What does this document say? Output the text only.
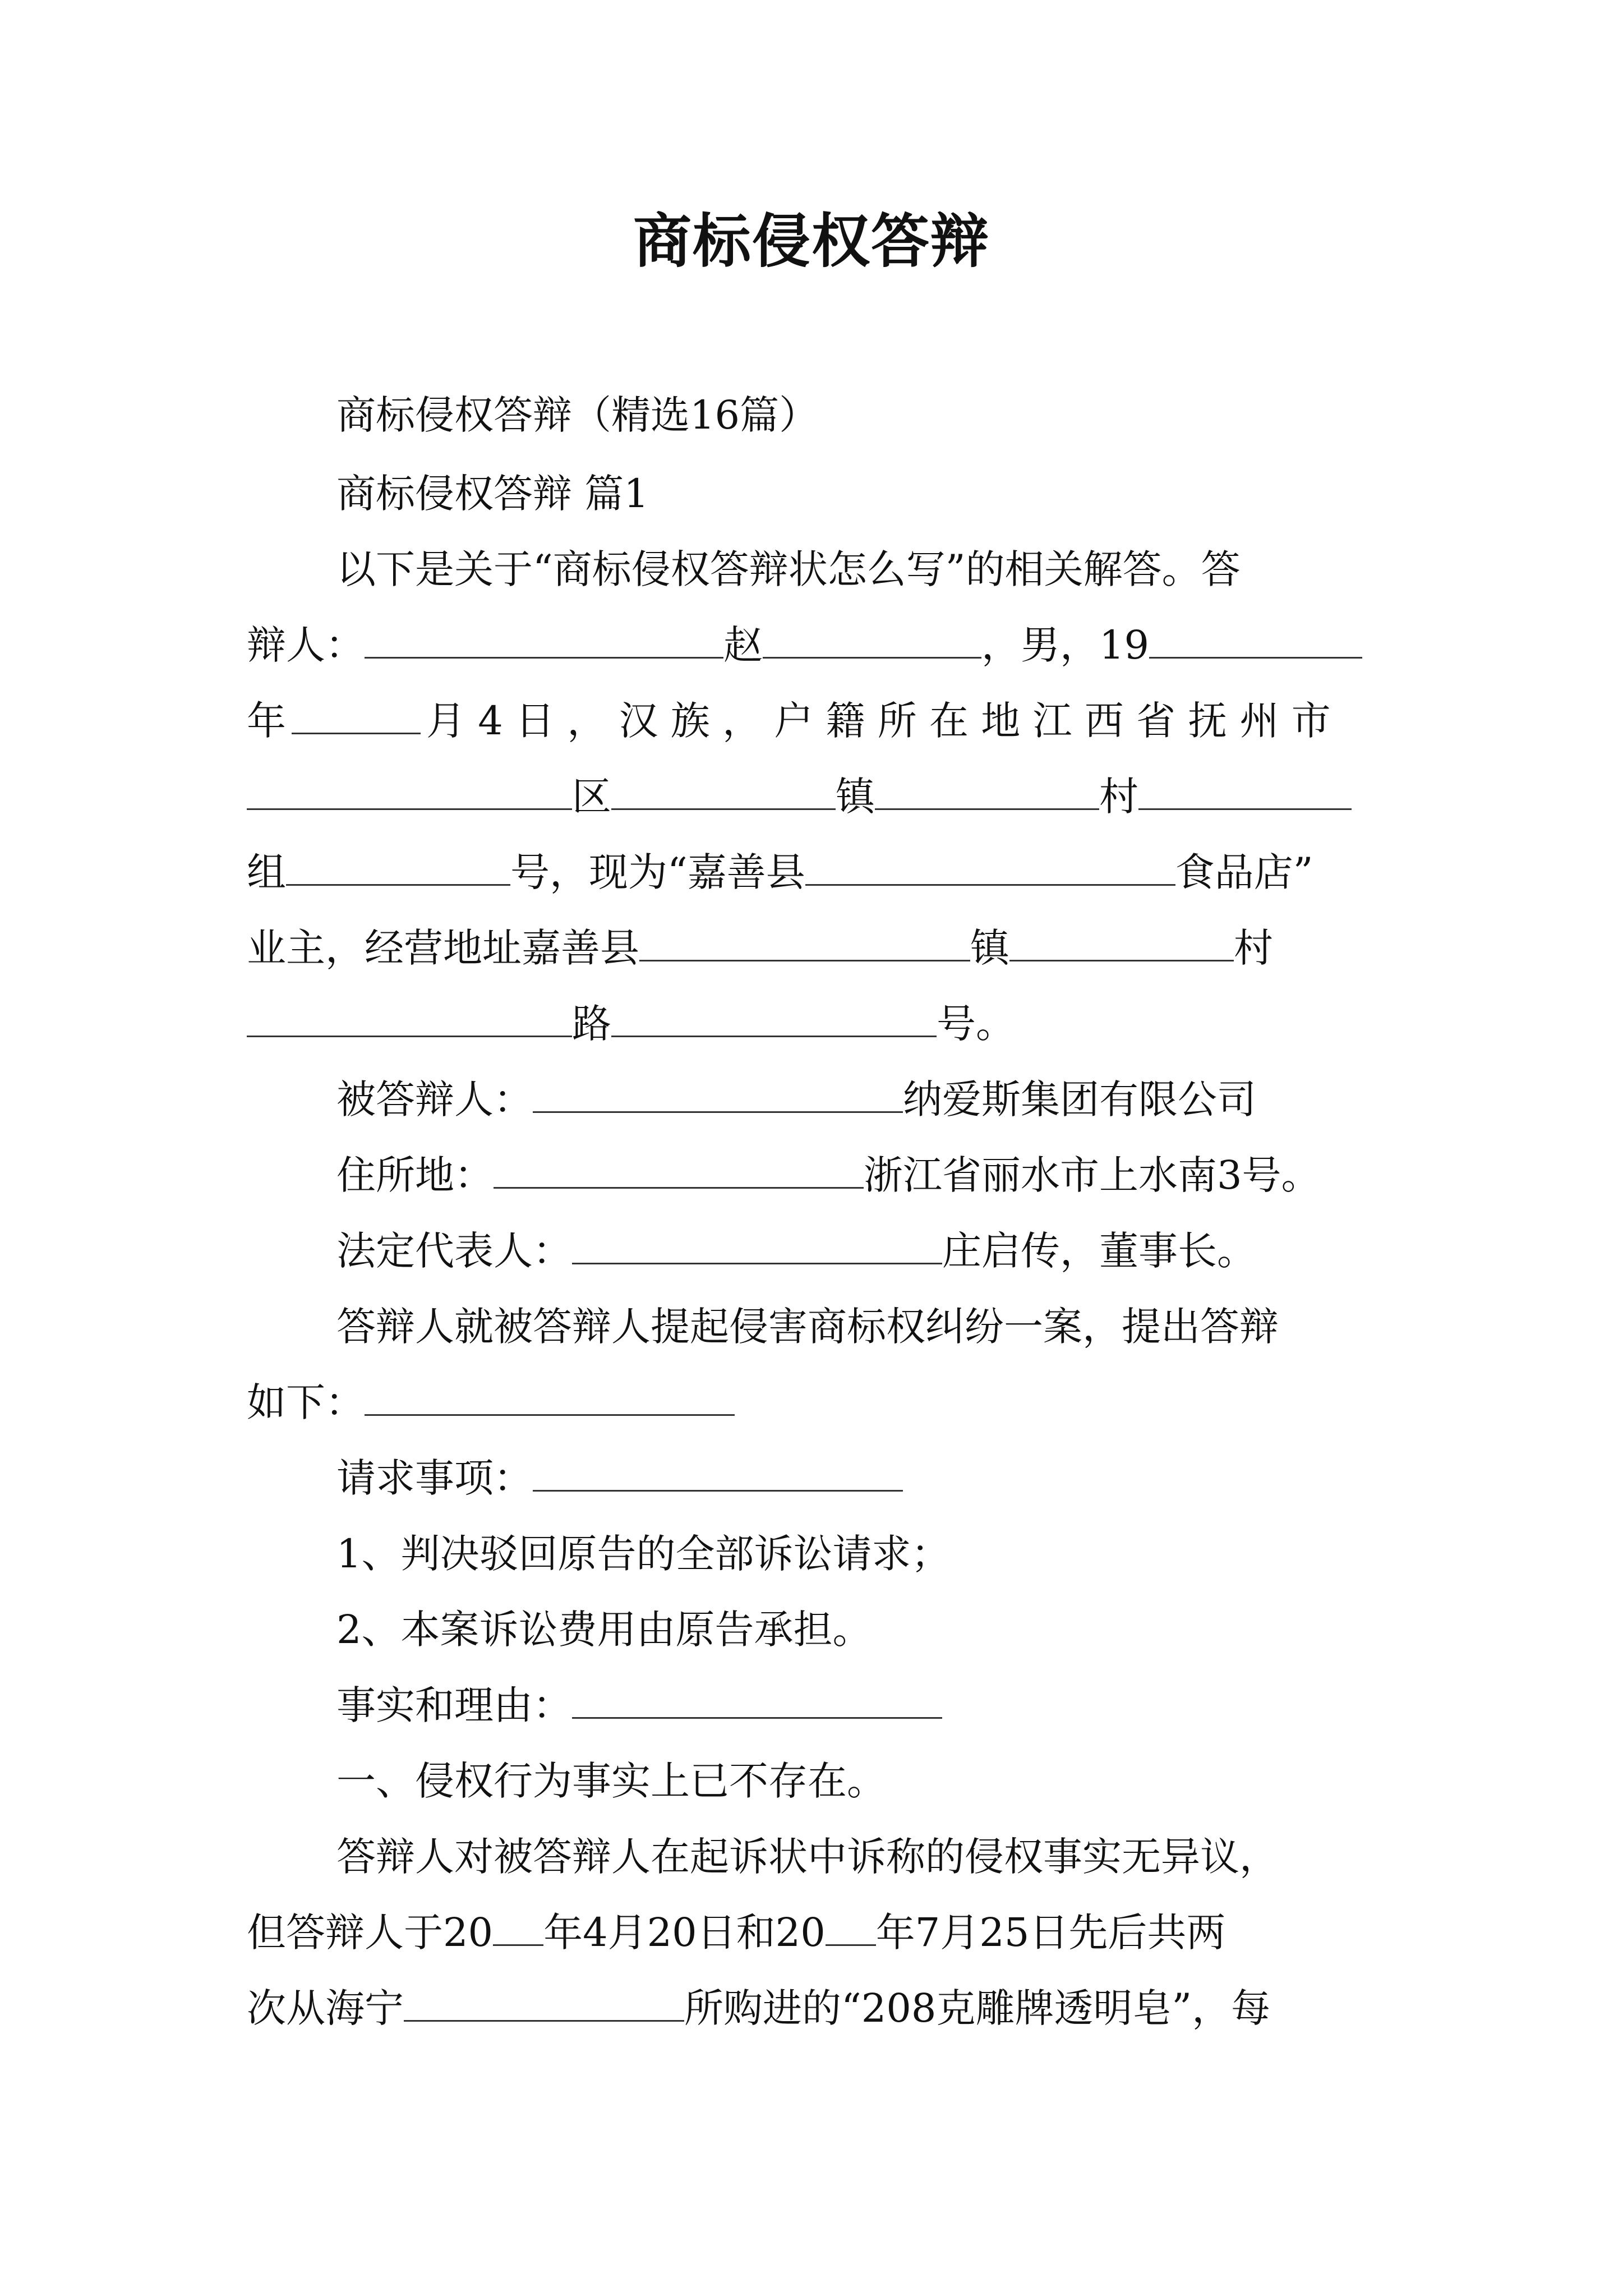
商标侵权答辩
商标侵权答辩（精选16篇）
商标侵权答辩 篇1
以下是关于“商标侵权答辩状怎么写”的相关解答。答
辩人：	赵	，男，19
年	月 4 日 ， 汉 族 ， 户 籍 所 在 地 江 西 省 抚 州 市
区	镇	村
组	号，现为“嘉善县	食品店”
业主，经营地址嘉善县	镇	村
路	号。
被答辩人：	纳爱斯集团有限公司
住所地：	浙江省丽水市上水南3号。
法定代表人：	庄启传，董事长。
答辩人就被答辩人提起侵害商标权纠纷一案，提出答辩
如下：
请求事项：
1、判决驳回原告的全部诉讼请求；
2、本案诉讼费用由原告承担。
事实和理由：
一、侵权行为事实上已不存在。
答辩人对被答辩人在起诉状中诉称的侵权事实无异议，
但答辩人于20 年4月20日和20 年7月25日先后共两
次从海宁	所购进的“208克雕牌透明皂”，每
